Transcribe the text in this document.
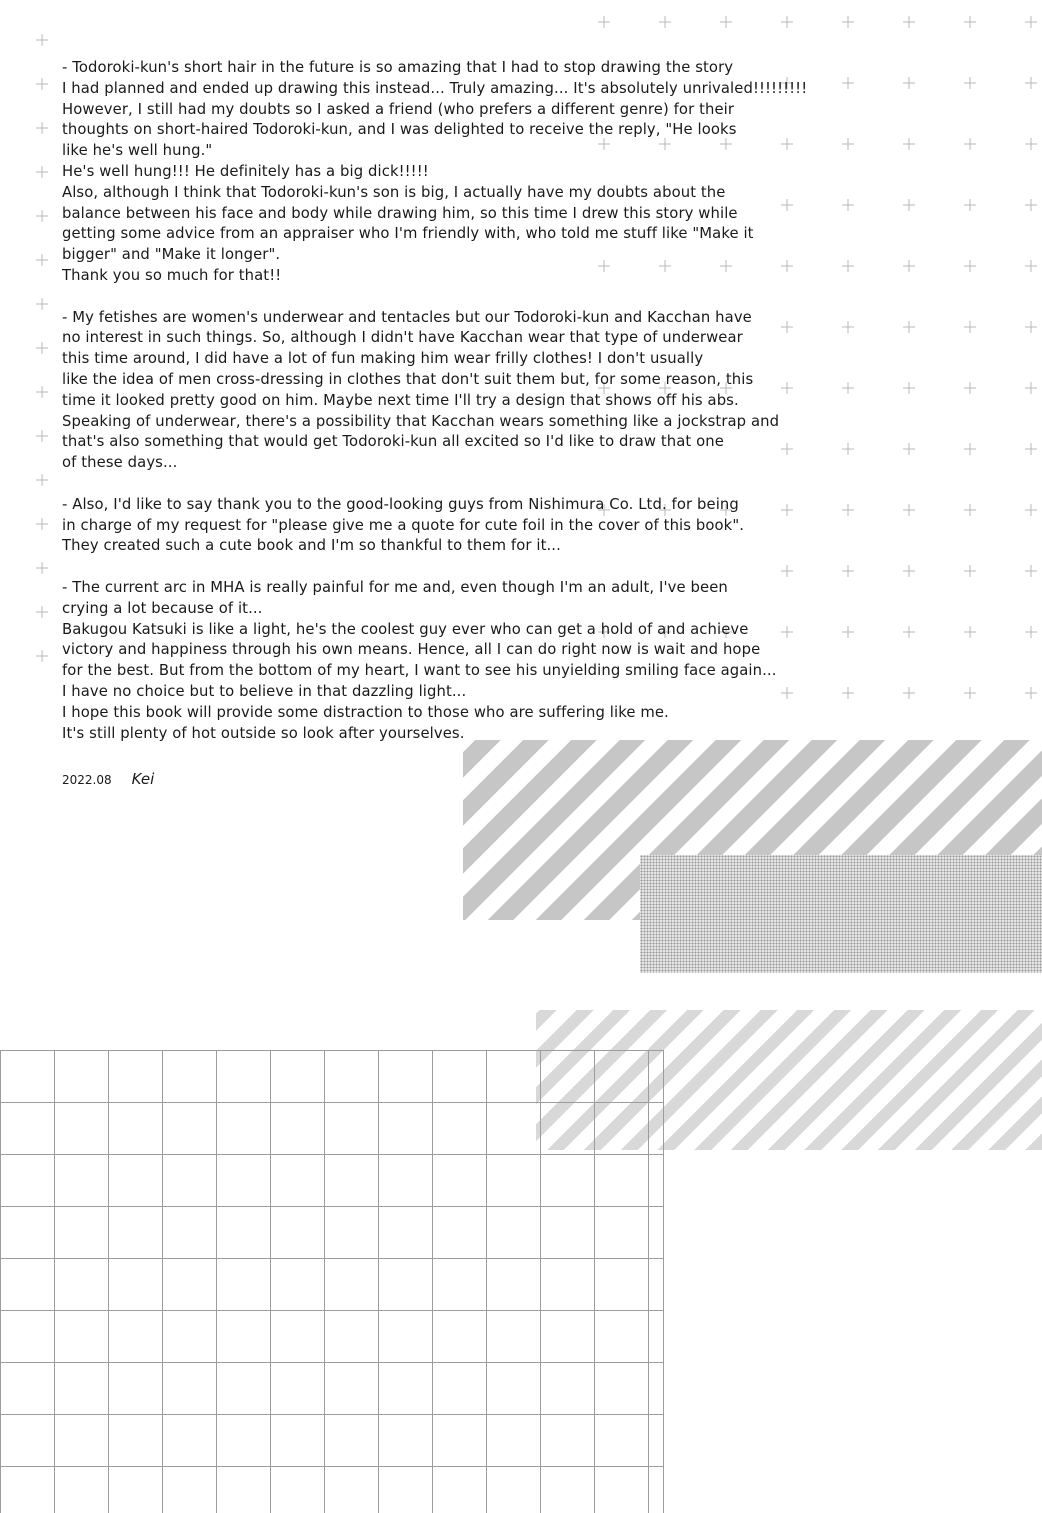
- Todoroki-kun's short hair in the future is so amazing that I had to stop drawing the story
I had planned and ended up drawing this instead... Truly amazing... It's absolutely unrivaled!!!!!!!!!
However, I still had my doubts so I asked a friend (who prefers a different genre) for their
thoughts on short-haired Todoroki-kun, and I was delighted to receive the reply, "He looks
like he's well hung."
He's well hung!!! He definitely has a big dick!!!!!
Also, although I think that Todoroki-kun's son is big, I actually have my doubts about the
balance between his face and body while drawing him, so this time I drew this story while
getting some advice from an appraiser who I'm friendly with, who told me stuff like "Make it
bigger" and "Make it longer".
Thank you so much for that!!
- My fetishes are women's underwear and tentacles but our Todoroki-kun and Kacchan have
no interest in such things. So, although I didn't have Kacchan wear that type of underwear
this time around, I did have a lot of fun making him wear frilly clothes! I don't usually
like the idea of men cross-dressing in clothes that don't suit them but, for some reason, this
time it looked pretty good on him. Maybe next time I'll try a design that shows off his abs.
Speaking of underwear, there's a possibility that Kacchan wears something like a jockstrap and
that's also something that would get Todoroki-kun all excited so I'd like to draw that one
of these days...
- Also, I'd like to say thank you to the good-looking guys from Nishimura Co. Ltd. for being
in charge of my request for "please give me a quote for cute foil in the cover of this book".
They created such a cute book and I'm so thankful to them for it...
- The current arc in MHA is really painful for me and, even though I'm an adult, I've been
crying a lot because of it...
Bakugou Katsuki is like a light, he's the coolest guy ever who can get a hold of and achieve
victory and happiness through his own means. Hence, all I can do right now is wait and hope
for the best. But from the bottom of my heart, I want to see his unyielding smiling face again...
I have no choice but to believe in that dazzling light...
I hope this book will provide some distraction to those who are suffering like me.
It's still plenty of hot outside so look after yourselves.
2022.08 Kei
